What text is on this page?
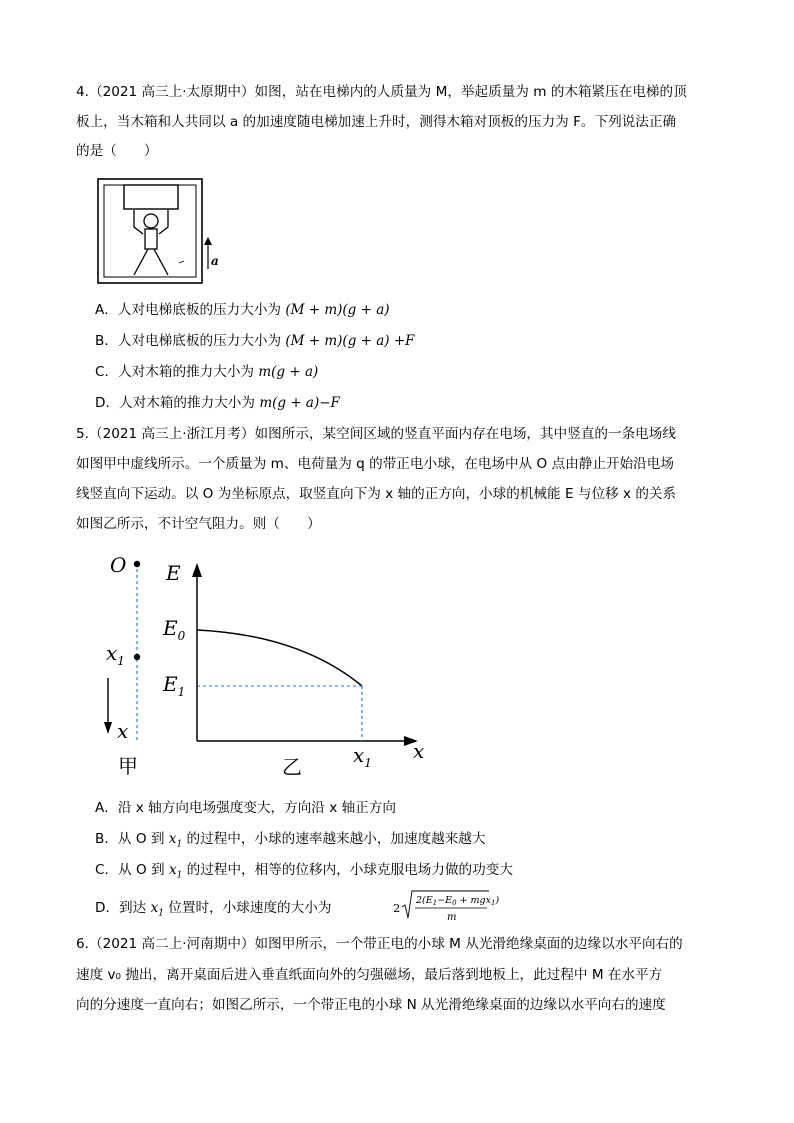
4.（2021 高三上·太原期中）如图，站在电梯内的人质量为 M，举起质量为 m 的木箱紧压在电梯的顶
板上，当木箱和人共同以 a 的加速度随电梯加速上升时，测得木箱对顶板的压力为 F。下列说法正确
的是（　　）
a
A．人对电梯底板的压力大小为 (M + m)(g + a)
B．人对电梯底板的压力大小为 (M + m)(g + a) +F
C．人对木箱的推力大小为 m(g + a)
D．人对木箱的推力大小为 m(g + a)−F
5.（2021 高三上·浙江月考）如图所示，某空间区域的竖直平面内存在电场，其中竖直的一条电场线
如图甲中虚线所示。一个质量为 m、电荷量为 q 的带正电小球，在电场中从 O 点由静止开始沿电场
线竖直向下运动。以 O 为坐标原点，取竖直向下为 x 轴的正方向，小球的机械能 E 与位移 x 的关系
如图乙所示，不计空气阻力。则（　　）
O
$x_1$
x
甲
E
$E_0$
$E_1$
$x_1$ x
乙
A．沿 x 轴方向电场强度变大，方向沿 x 轴正方向
B．从 O 到 $x_1$ 的过程中，小球的速率越来越小，加速度越来越大
C．从 O 到 $x_1$ 的过程中，相等的位移内，小球克服电场力做的功变大
D．到达 $x_1$ 位置时，小球速度的大小为	2
$2(E_1-E_0 + mgx_1)$
m
6.（2021 高二上·河南期中）如图甲所示，一个带正电的小球 M 从光滑绝缘桌面的边缘以水平向右的
速度 v₀ 抛出，离开桌面后进入垂直纸面向外的匀强磁场，最后落到地板上，此过程中 M 在水平方
向的分速度一直向右；如图乙所示，一个带正电的小球 N 从光滑绝缘桌面的边缘以水平向右的速度
